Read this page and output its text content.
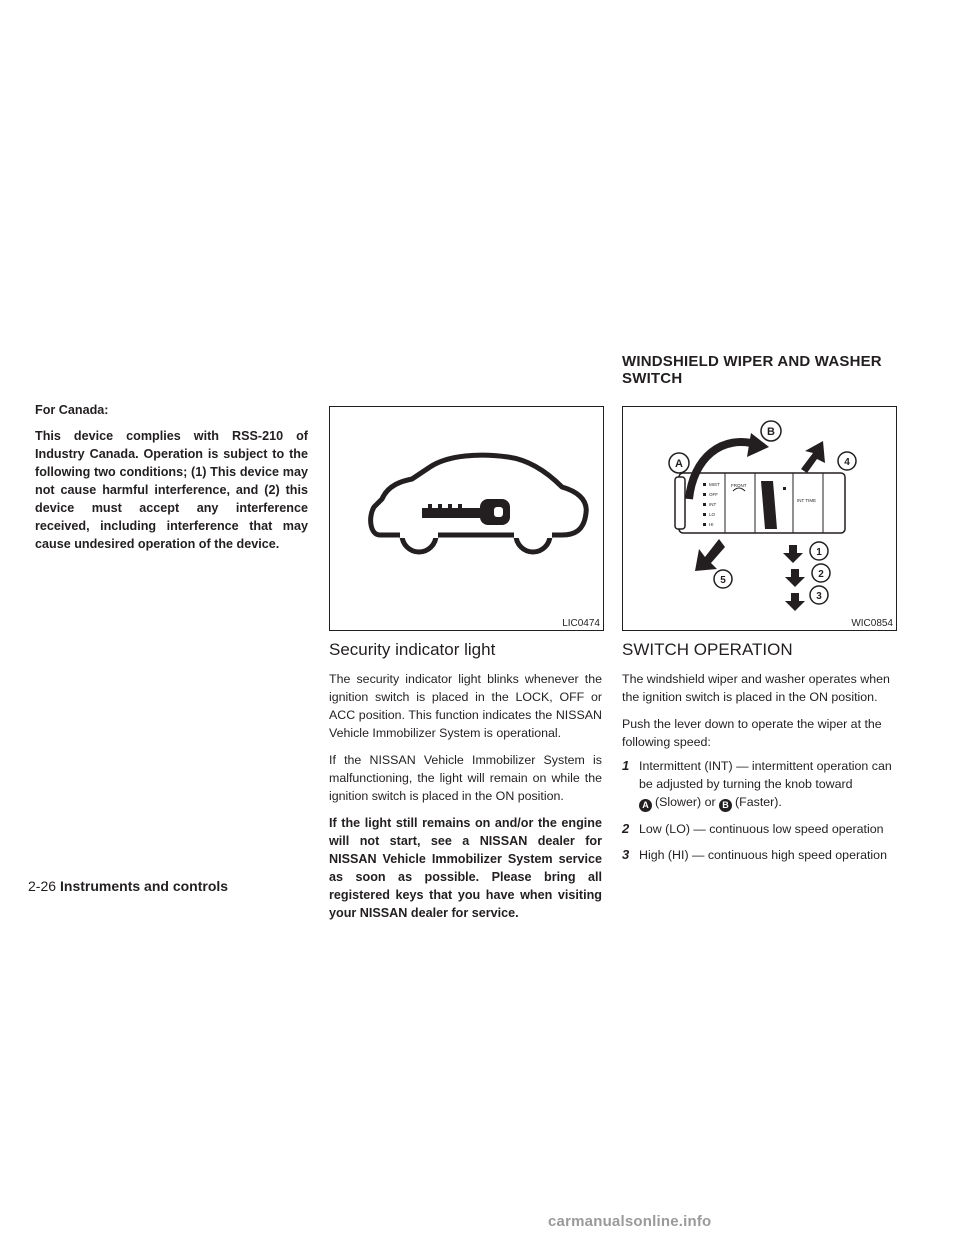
WINDSHIELD WIPER AND WASHER SWITCH

For Canada:

This device complies with RSS-210 of Industry Canada. Operation is subject to the following two conditions; (1) This device may not cause harmful interference, and (2) this device must accept any interference received, including interference that may cause undesired operation of the device.

LIC0474
Security indicator light

The security indicator light blinks whenever the ignition switch is placed in the LOCK, OFF or ACC position. This function indicates the NISSAN Vehicle Immobilizer System is operational.

If the NISSAN Vehicle Immobilizer System is malfunctioning, the light will remain on while the ignition switch is placed in the ON position.

If the light still remains on and/or the engine will not start, see a NISSAN dealer for NISSAN Vehicle Immobilizer System service as soon as possible. Please bring all registered keys that you have when visiting your NISSAN dealer for service.

MIST
OFF
INT
LO
HI
FRONT
INT TIME
A
B
1
2
3
4
5
WIC0854
SWITCH OPERATION

The windshield wiper and washer operates when the ignition switch is placed in the ON position.

Push the lever down to operate the wiper at the following speed:

1 Intermittent (INT) — intermittent operation can be adjusted by turning the knob toward
A (Slower) or B (Faster).
2 Low (LO) — continuous low speed operation
3 High (HI) — continuous high speed operation
2-26 Instruments and controls
carmanualsonline.info
